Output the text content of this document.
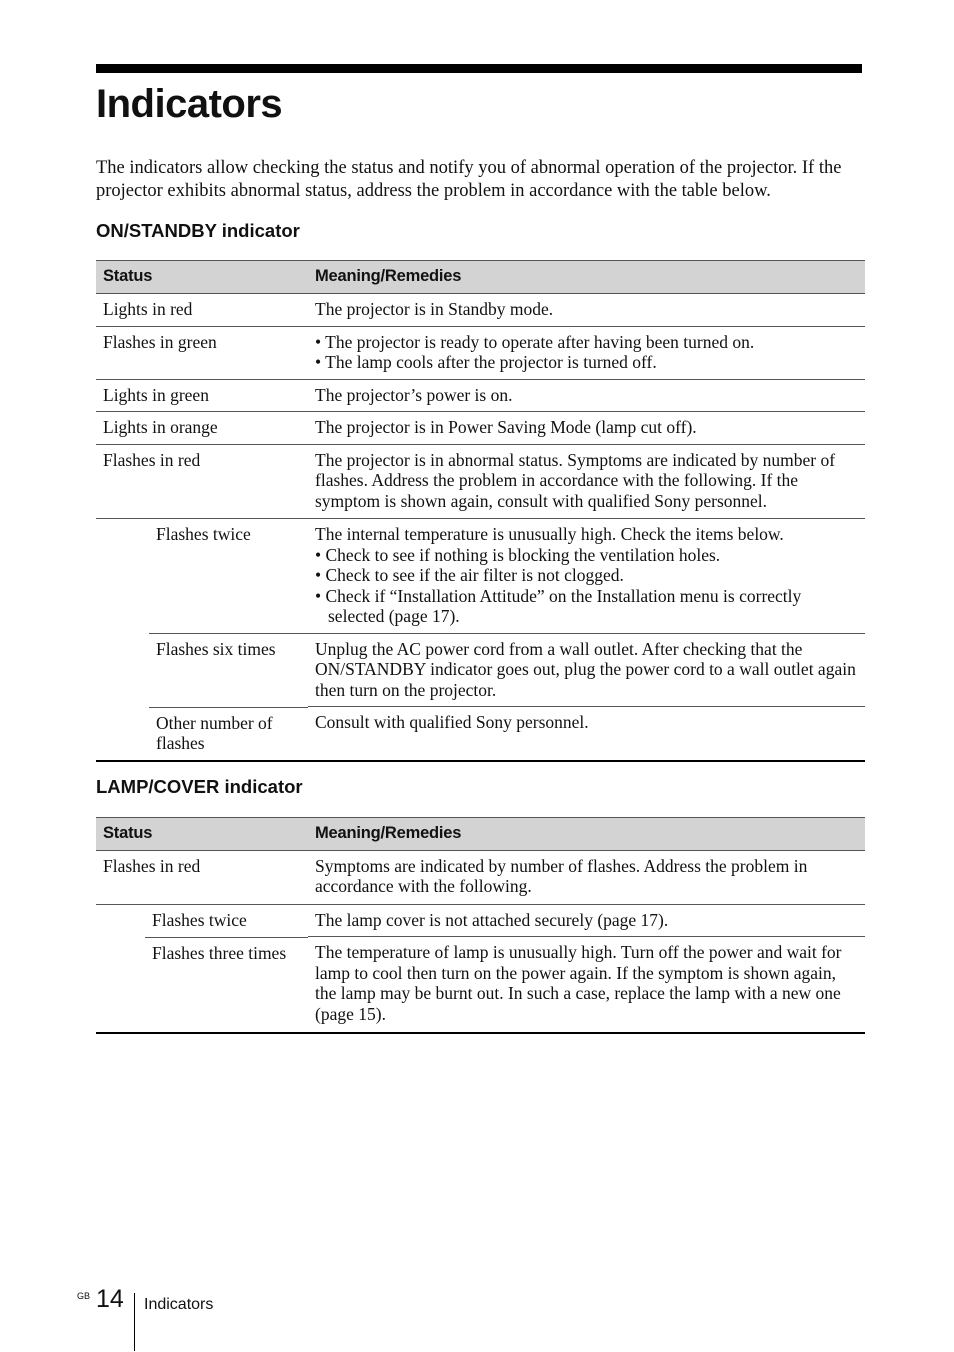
Indicators

The indicators allow checking the status and notify you of abnormal operation of the projector. If the projector exhibits abnormal status, address the problem in accordance with the table below.

ON/STANDBY indicator
Status	Meaning/Remedies
Lights in red	The projector is in Standby mode.
Flashes in green	• The projector is ready to operate after having been turned on.

• The lamp cools after the projector is turned off.

Lights in green	The projector’s power is on.
Lights in orange	The projector is in Power Saving Mode (lamp cut off).
Flashes in red	The projector is in abnormal status. Symptoms are indicated by number of flashes. Address the problem in accordance with the following. If the symptom is shown again, consult with qualified Sony personnel.

Flashes twice	The internal temperature is unusually high. Check the items below.

• Check to see if nothing is blocking the ventilation holes.

• Check to see if the air filter is not clogged.

• Check if “Installation Attitude” on the Installation menu is correctly selected (page 17).

Flashes six times	Unplug the AC power cord from a wall outlet. After checking that the ON/STANDBY indicator goes out, plug the power cord to a wall outlet again then turn on the projector.

Other number of flashes	Consult with qualified Sony personnel.
LAMP/COVER indicator
Status	Meaning/Remedies
Flashes in red	Symptoms are indicated by number of flashes. Address the problem in accordance with the following.

Flashes twice	The lamp cover is not attached securely (page 17).

Flashes three times	The temperature of lamp is unusually high. Turn off the power and wait for lamp to cool then turn on the power again. If the symptom is shown again, the lamp may be burnt out. In such a case, replace the lamp with a new one (page 15).
GB 14 Indicators
